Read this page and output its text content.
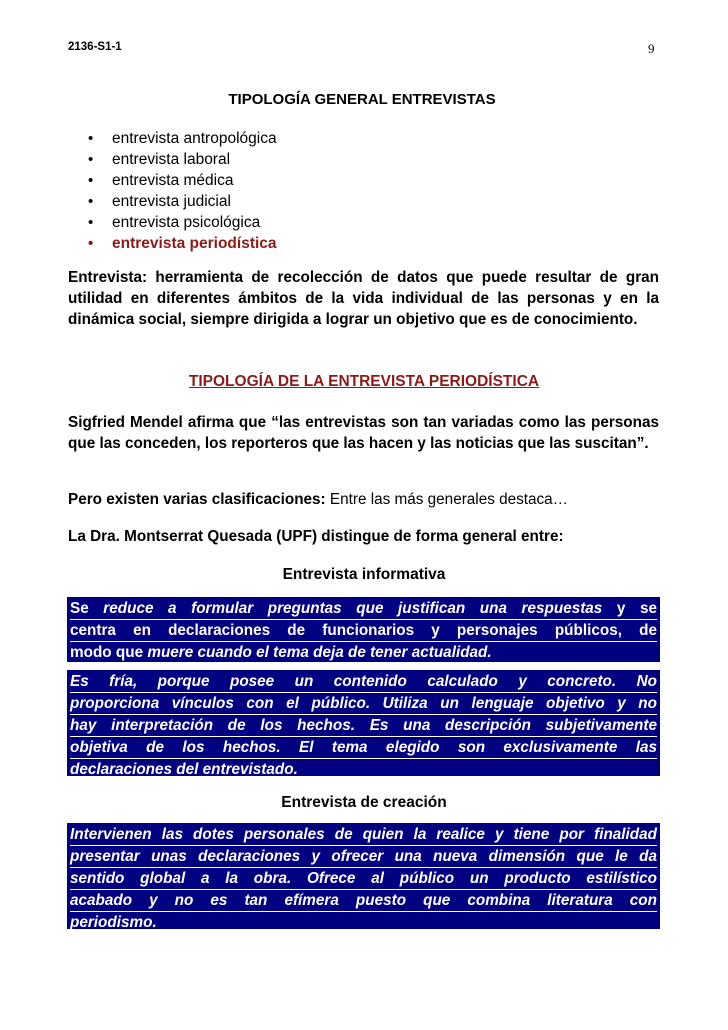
2136-S1-1	9
TIPOLOGÍA GENERAL ENTREVISTAS
• entrevista antropológica
• entrevista laboral
• entrevista médica
• entrevista judicial
• entrevista psicológica
• entrevista periodística
Entrevista: herramienta de recolección de datos que puede resultar de gran utilidad en diferentes ámbitos de la vida individual de las personas y en la dinámica social, siempre dirigida a lograr un objetivo que es de conocimiento.
TIPOLOGÍA DE LA ENTREVISTA PERIODÍSTICA
Sigfried Mendel afirma que “las entrevistas son tan variadas como las personas que las conceden, los reporteros que las hacen y las noticias que las suscitan”.
Pero existen varias clasificaciones: Entre las más generales destaca…
La Dra. Montserrat Quesada (UPF) distingue de forma general entre:
Entrevista informativa
Se reduce a formular preguntas que justifican una respuestas y se
centra en declaraciones de funcionarios y personajes públicos, de
modo que muere cuando el tema deja de tener actualidad.
Es fría, porque posee un contenido calculado y concreto. No
proporciona vínculos con el público. Utiliza un lenguaje objetivo y no
hay interpretación de los hechos. Es una descripción subjetivamente
objetiva de los hechos. El tema elegido son exclusivamente las
declaraciones del entrevistado.
Entrevista de creación
Intervienen las dotes personales de quien la realice y tiene por finalidad
presentar unas declaraciones y ofrecer una nueva dimensión que le da
sentido global a la obra. Ofrece al público un producto estilístico
acabado y no es tan efímera puesto que combina literatura con
periodismo.
